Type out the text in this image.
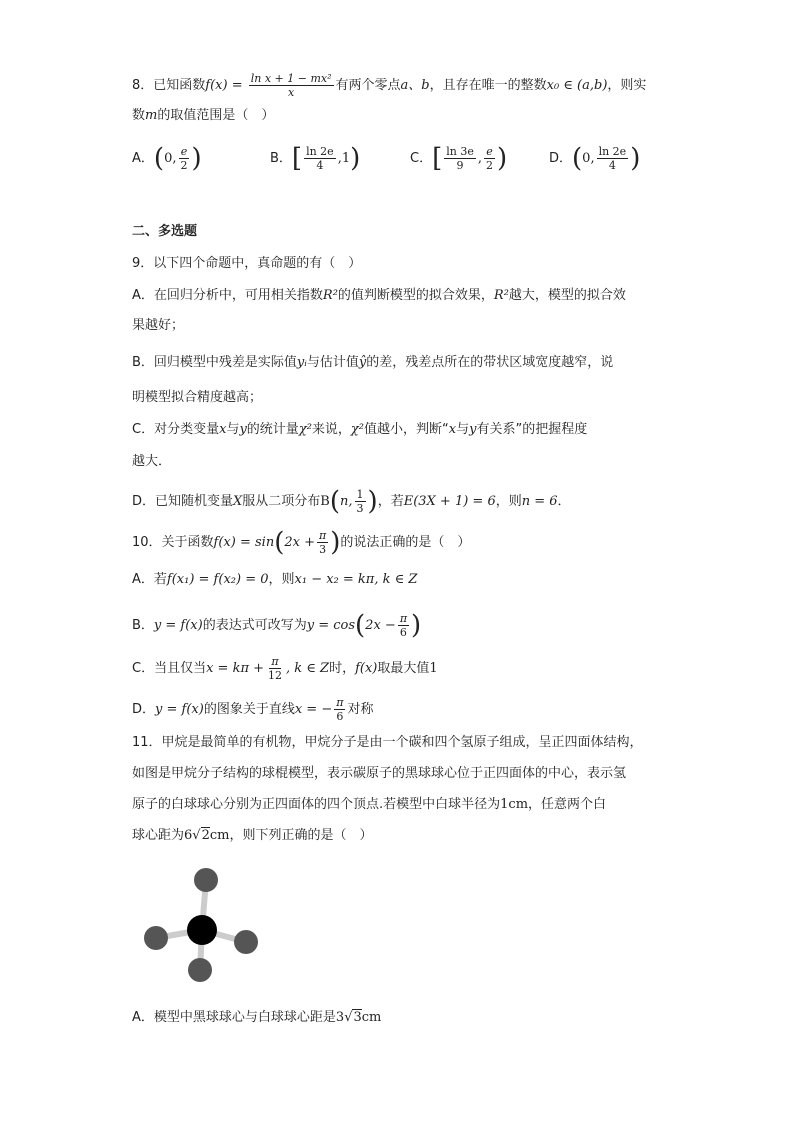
8．已知函数$f(x) = \frac{\text{ln x + 1 − mx²}}{x}$ 有两个零点a、b，且存在唯一的整数x₀ ∈ (a,b)，则实
数m的取值范围是（　）
A．(0, $\frac{e}{2}$ )	B．[ $\frac{\ln 2e}{4} ,1$)	C．[ $\frac{\ln 3e}{9}$ , $\frac{e}{2}$ )	D．(0, $\frac{\ln 2e}{4}$ )
二、多选题
9．以下四个命题中，真命题的有（　）
A．在回归分析中，可用相关指数R²的值判断模型的拟合效果，R²越大，模型的拟合效
果越好；
B．回归模型中残差是实际值yᵢ与估计值ŷ的差，残差点所在的带状区域宽度越窄，说
明模型拟合精度越高；
C．对分类变量x与y的统计量χ²来说，χ²值越小，判断“x与y有关系”的把握程度
越大．
D．已知随机变量X服从二项分布B(n, $\frac{1}{3}$ )，若E(3X + 1) = 6，则n = 6．
10．关于函数$f(x) = \sin(2x + \frac{\pi}{3}$ )的说法正确的是（　）
A．若f(x₁) = f(x₂) = 0，则x₁ − x₂ = kπ, k ∈ Z
B．y = f(x)的表达式可改写为$y = \cos(2x - \frac{\pi}{6}$ )
C．当且仅当$x = k\pi + \frac{\pi}{12}$ , k ∈ Z时，f(x)取最大值1
D．y = f(x)的图象关于直线x = − $\frac{\pi}{6}$ 对称
11．甲烷是最简单的有机物，甲烷分子是由一个碳和四个氢原子组成，呈正四面体结构，
如图是甲烷分子结构的球棍模型，表示碳原子的黑球球心位于正四面体的中心，表示氢
原子的白球球心分别为正四面体的四个顶点.若模型中白球半径为1cm，任意两个白
球心距为6√2cm，则下列正确的是（　）
A．模型中黑球球心与白球球心距是3√3cm
